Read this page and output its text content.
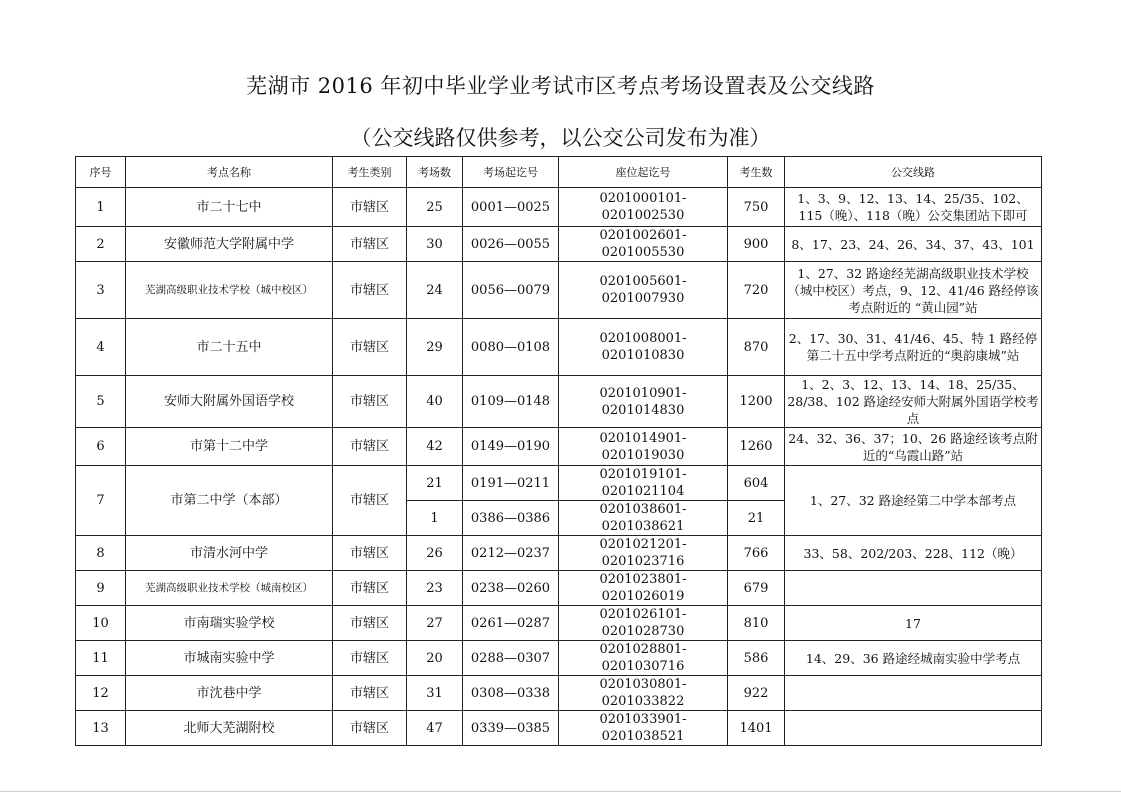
芜湖市 2016 年初中毕业学业考试市区考点考场设置表及公交线路
（公交线路仅供参考，以公交公司发布为准）
序号	考点名称	考生类别	考场数	考场起讫号	座位起讫号	考生数	公交线路
1	市二十七中	市辖区	25	0001—0025	0201000101-0201002530	750	1、3、9、12、13、14、25/35、102、115（晚）、118（晚）公交集团站下即可
2	安徽师范大学附属中学	市辖区	30	0026—0055	0201002601-0201005530	900	8、17、23、24、26、34、37、43、101
3	芜湖高级职业技术学校（城中校区）	市辖区	24	0056—0079	0201005601-0201007930	720	1、27、32 路途经芜湖高级职业技术学校（城中校区）考点，9、12、41/46 路经停该考点附近的 “黄山园”站
4	市二十五中	市辖区	29	0080—0108	0201008001-0201010830	870	2、17、30、31、41/46、45、特 1 路经停第二十五中学考点附近的“奥韵康城”站
5	安师大附属外国语学校	市辖区	40	0109—0148	0201010901-0201014830	1200	1、2、3、12、13、14、18、25/35、28/38、102 路途经安师大附属外国语学校考点
6	市第十二中学	市辖区	42	0149—0190	0201014901-0201019030	1260	24、32、36、37；10、26 路途经该考点附近的“乌霞山路”站
7	市第二中学（本部）	市辖区	21	0191—0211	0201019101-0201021104	604	1、27、32 路途经第二中学本部考点
			1	0386—0386	0201038601-0201038621	21	
8	市清水河中学	市辖区	26	0212—0237	0201021201-0201023716	766	33、58、202/203、228、112（晚）
9	芜湖高级职业技术学校（城南校区）	市辖区	23	0238—0260	0201023801-0201026019	679	
10	市南瑞实验学校	市辖区	27	0261—0287	0201026101-0201028730	810	17
11	市城南实验中学	市辖区	20	0288—0307	0201028801-0201030716	586	14、29、36 路途经城南实验中学考点
12	市沈巷中学	市辖区	31	0308—0338	0201030801-0201033822	922	
13	北师大芜湖附校	市辖区	47	0339—0385	0201033901-0201038521	1401	
